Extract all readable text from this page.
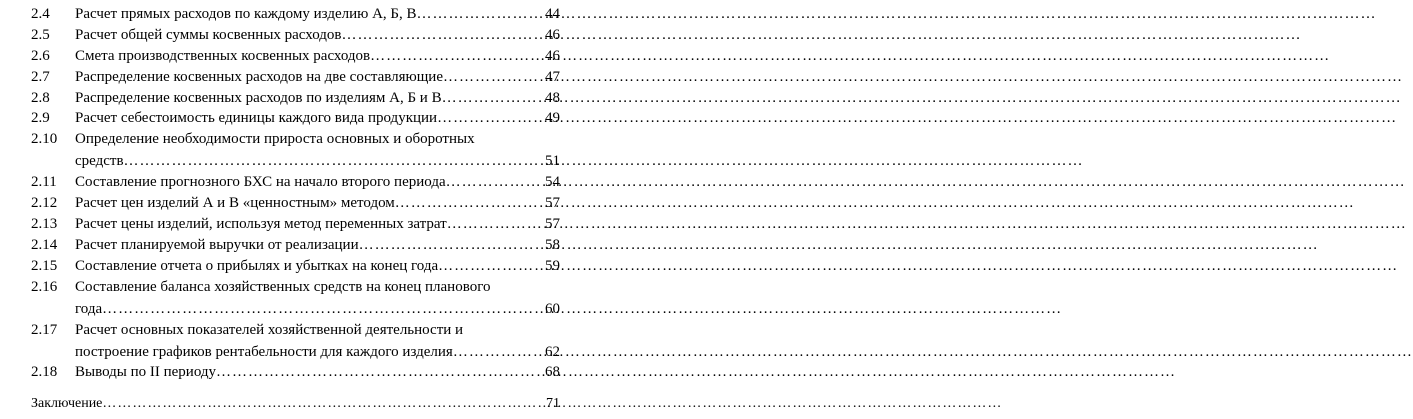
2.4 Расчет прямых расходов по каждому изделию А, Б, В ………………………………………………………………………………………………………………………………………………………………	44
2.5 Расчет общей суммы косвенных расходов ………………………………………………………………………………………………………………………………………………………………	46
2.6 Смета производственных косвенных расходов ………………………………………………………………………………………………………………………………………………………………	46
2.7 Распределение косвенных расходов на две составляющие ………………………………………………………………………………………………………………………………………………………………	47
2.8 Распределение косвенных расходов по изделиям А, Б и В ………………………………………………………………………………………………………………………………………………………………	48
2.9 Расчет себестоимость единицы каждого вида продукции ………………………………………………………………………………………………………………………………………………………………	49
2.10 Определение необходимости прироста основных и оборотных
средств ………………………………………………………………………………………………………………………………………………………………	51
2.11 Составление прогнозного БХС на начало второго периода ………………………………………………………………………………………………………………………………………………………………	54
2.12 Расчет цен изделий А и В «ценностным» методом ………………………………………………………………………………………………………………………………………………………………	57
2.13 Расчет цены изделий, используя метод переменных затрат ………………………………………………………………………………………………………………………………………………………………	57
2.14 Расчет планируемой выручки от реализации ………………………………………………………………………………………………………………………………………………………………	58
2.15 Составление отчета о прибылях и убытках на конец года ………………………………………………………………………………………………………………………………………………………………	59
2.16 Составление баланса хозяйственных средств на конец планового
года ………………………………………………………………………………………………………………………………………………………………	60
2.17 Расчет основных показателей хозяйственной деятельности и
построение графиков рентабельности для каждого изделия ………………………………………………………………………………………………………………………………………………………………	62
2.18 Выводы по II периоду ………………………………………………………………………………………………………………………………………………………………	68
Заключение ………………………………………………………………………………………………………………………………………………………………	71
